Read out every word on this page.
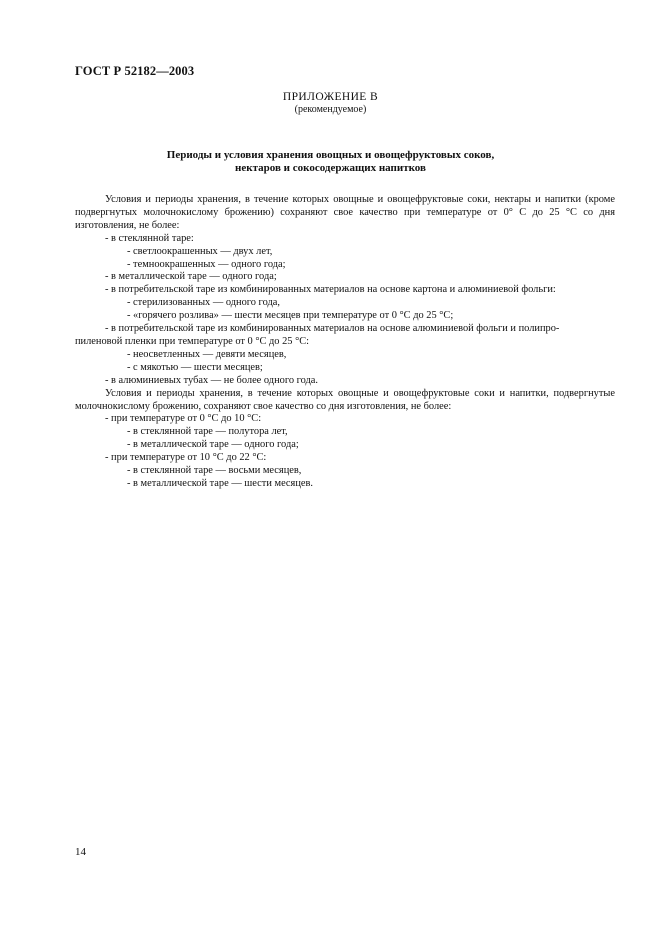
ГОСТ Р 52182—2003
ПРИЛОЖЕНИЕ В
(рекомендуемое)
Периоды и условия хранения овощных и овощефруктовых соков,
нектаров и сокосодержащих напитков

Условия и периоды хранения, в течение которых овощные и овощефруктовые соки, нектары и напитки (кроме подвергнутых молочнокислому брожению) сохраняют свое качество при температуре от 0° С до 25 °С со дня изготовления, не более:

- в стеклянной таре:
- светлоокрашенных — двух лет,
- темноокрашенных — одного года;
- в металлической таре — одного года;
- в потребительской таре из комбинированных материалов на основе картона и алюминиевой фольги:
- стерилизованных — одного года,
- «горячего розлива» — шести месяцев при температуре от 0 °С до 25 °С;
- в потребительской таре из комбинированных материалов на основе алюминиевой фольги и полипро-
пиленовой пленки при температуре от 0 °С до 25 °С:
- неосветленных — девяти месяцев,
- с мякотью — шести месяцев;
- в алюминиевых тубах — не более одного года.

Условия и периоды хранения, в течение которых овощные и овощефруктовые соки и напитки, подвергнутые молочнокислому брожению, сохраняют свое качество со дня изготовления, не более:

- при температуре от 0 °С до 10 °С:
- в стеклянной таре — полутора лет,
- в металлической таре — одного года;
- при температуре от 10 °С до 22 °С:
- в стеклянной таре — восьми месяцев,
- в металлической таре — шести месяцев.
14
